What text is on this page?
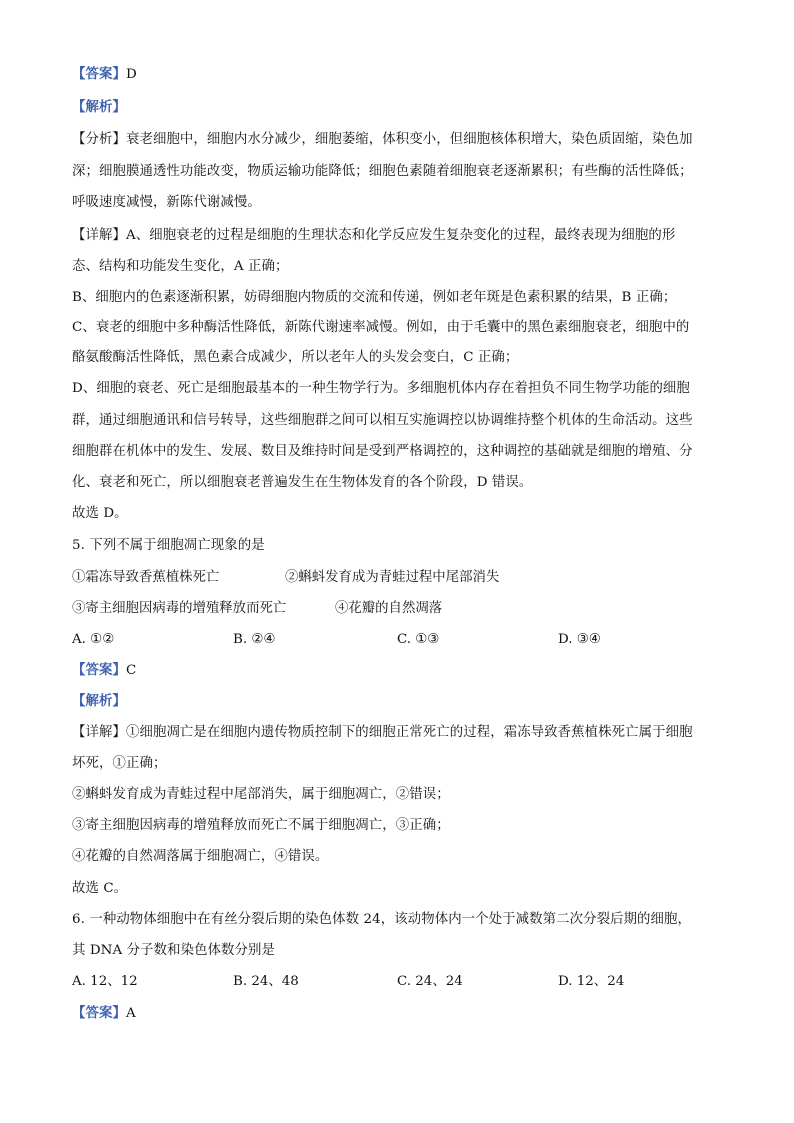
【答案】D
【解析】
【分析】衰老细胞中，细胞内水分减少，细胞萎缩，体积变小，但细胞核体积增大，染色质固缩，染色加
深；细胞膜通透性功能改变，物质运输功能降低；细胞色素随着细胞衰老逐渐累积；有些酶的活性降低；
呼吸速度减慢，新陈代谢减慢。
【详解】A、细胞衰老的过程是细胞的生理状态和化学反应发生复杂变化的过程，最终表现为细胞的形
态、结构和功能发生变化，A 正确；
B、细胞内的色素逐渐积累，妨碍细胞内物质的交流和传递，例如老年斑是色素积累的结果，B 正确；
C、衰老的细胞中多种酶活性降低，新陈代谢速率减慢。例如，由于毛囊中的黑色素细胞衰老，细胞中的
酪氨酸酶活性降低，黑色素合成减少，所以老年人的头发会变白，C 正确；
D、细胞的衰老、死亡是细胞最基本的一种生物学行为。多细胞机体内存在着担负不同生物学功能的细胞
群，通过细胞通讯和信号转导，这些细胞群之间可以相互实施调控以协调维持整个机体的生命活动。这些
细胞群在机体中的发生、发展、数目及维持时间是受到严格调控的，这种调控的基础就是细胞的增殖、分
化、衰老和死亡，所以细胞衰老普遍发生在生物体发育的各个阶段，D 错误。
故选 D。
5. 下列不属于细胞凋亡现象的是
①霜冻导致香蕉植株死亡	②蝌蚪发育成为青蛙过程中尾部消失
③寄主细胞因病毒的增殖释放而死亡	④花瓣的自然凋落
A. ①②	B. ②④	C. ①③	D. ③④
【答案】C
【解析】
【详解】①细胞凋亡是在细胞内遗传物质控制下的细胞正常死亡的过程，霜冻导致香蕉植株死亡属于细胞
坏死，①正确；
②蝌蚪发育成为青蛙过程中尾部消失，属于细胞凋亡，②错误；
③寄主细胞因病毒的增殖释放而死亡不属于细胞凋亡，③正确；
④花瓣的自然凋落属于细胞凋亡，④错误。
故选 C。
6. 一种动物体细胞中在有丝分裂后期的染色体数 24，该动物体内一个处于减数第二次分裂后期的细胞，
其 DNA 分子数和染色体数分别是
A. 12、12	B. 24、48	C. 24、24	D. 12、24
【答案】A
